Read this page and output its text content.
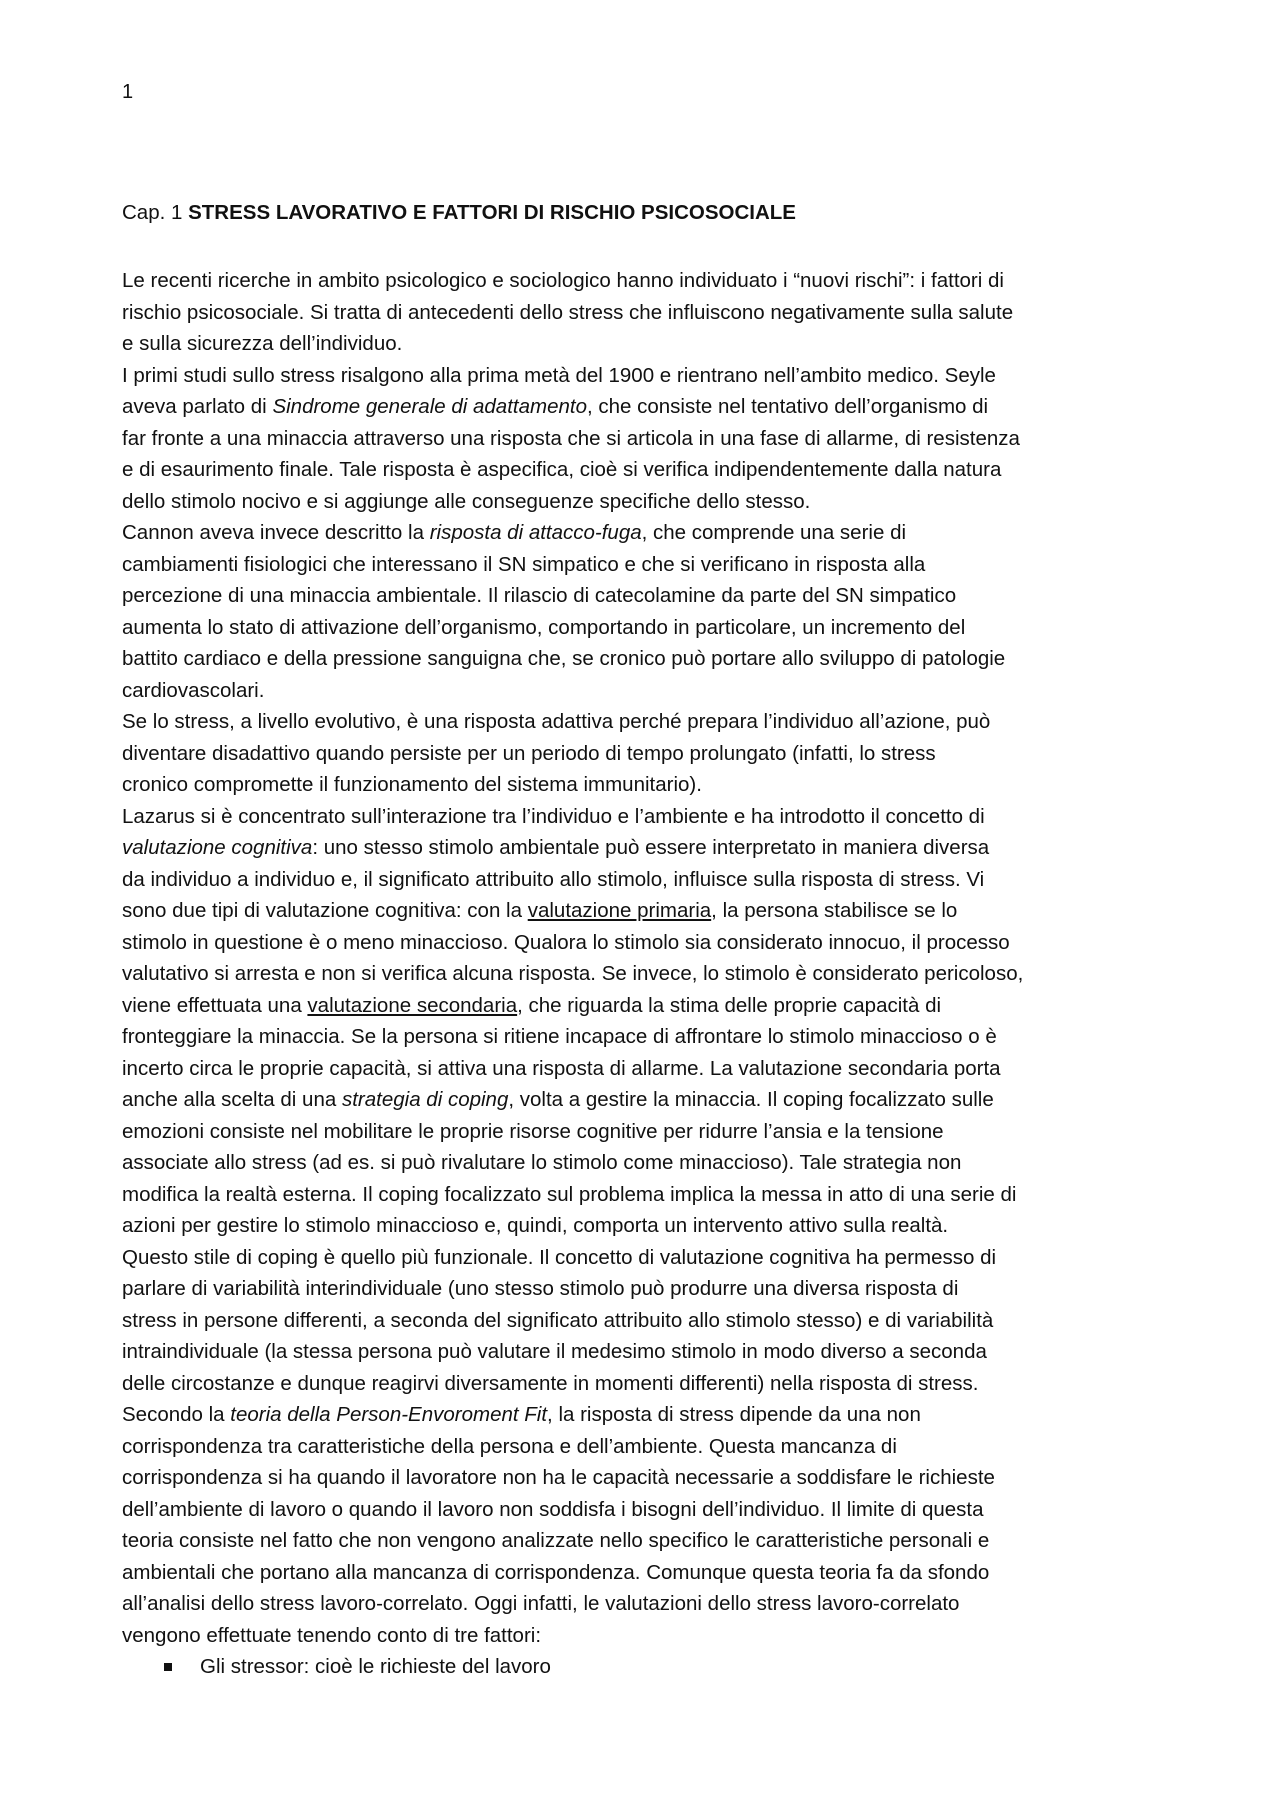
1
Cap. 1 STRESS LAVORATIVO E FATTORI DI RISCHIO PSICOSOCIALE
Le recenti ricerche in ambito psicologico e sociologico hanno individuato i “nuovi rischi”: i fattori di
rischio psicosociale. Si tratta di antecedenti dello stress che influiscono negativamente sulla salute
e sulla sicurezza dell’individuo.
I primi studi sullo stress risalgono alla prima metà del 1900 e rientrano nell’ambito medico. Seyle
aveva parlato di Sindrome generale di adattamento, che consiste nel tentativo dell’organismo di
far fronte a una minaccia attraverso una risposta che si articola in una fase di allarme, di resistenza
e di esaurimento finale. Tale risposta è aspecifica, cioè si verifica indipendentemente dalla natura
dello stimolo nocivo e si aggiunge alle conseguenze specifiche dello stesso.
Cannon aveva invece descritto la risposta di attacco-fuga, che comprende una serie di
cambiamenti fisiologici che interessano il SN simpatico e che si verificano in risposta alla
percezione di una minaccia ambientale. Il rilascio di catecolamine da parte del SN simpatico
aumenta lo stato di attivazione dell’organismo, comportando in particolare, un incremento del
battito cardiaco e della pressione sanguigna che, se cronico può portare allo sviluppo di patologie
cardiovascolari.
Se lo stress, a livello evolutivo, è una risposta adattiva perché prepara l’individuo all’azione, può
diventare disadattivo quando persiste per un periodo di tempo prolungato (infatti, lo stress
cronico compromette il funzionamento del sistema immunitario).
Lazarus si è concentrato sull’interazione tra l’individuo e l’ambiente e ha introdotto il concetto di
valutazione cognitiva: uno stesso stimolo ambientale può essere interpretato in maniera diversa
da individuo a individuo e, il significato attribuito allo stimolo, influisce sulla risposta di stress. Vi
sono due tipi di valutazione cognitiva: con la valutazione primaria, la persona stabilisce se lo
stimolo in questione è o meno minaccioso. Qualora lo stimolo sia considerato innocuo, il processo
valutativo si arresta e non si verifica alcuna risposta. Se invece, lo stimolo è considerato pericoloso,
viene effettuata una valutazione secondaria, che riguarda la stima delle proprie capacità di
fronteggiare la minaccia. Se la persona si ritiene incapace di affrontare lo stimolo minaccioso o è
incerto circa le proprie capacità, si attiva una risposta di allarme. La valutazione secondaria porta
anche alla scelta di una strategia di coping, volta a gestire la minaccia. Il coping focalizzato sulle
emozioni consiste nel mobilitare le proprie risorse cognitive per ridurre l’ansia e la tensione
associate allo stress (ad es. si può rivalutare lo stimolo come minaccioso). Tale strategia non
modifica la realtà esterna. Il coping focalizzato sul problema implica la messa in atto di una serie di
azioni per gestire lo stimolo minaccioso e, quindi, comporta un intervento attivo sulla realtà.
Questo stile di coping è quello più funzionale. Il concetto di valutazione cognitiva ha permesso di
parlare di variabilità interindividuale (uno stesso stimolo può produrre una diversa risposta di
stress in persone differenti, a seconda del significato attribuito allo stimolo stesso) e di variabilità
intraindividuale (la stessa persona può valutare il medesimo stimolo in modo diverso a seconda
delle circostanze e dunque reagirvi diversamente in momenti differenti) nella risposta di stress.
Secondo la teoria della Person-Envoroment Fit, la risposta di stress dipende da una non
corrispondenza tra caratteristiche della persona e dell’ambiente. Questa mancanza di
corrispondenza si ha quando il lavoratore non ha le capacità necessarie a soddisfare le richieste
dell’ambiente di lavoro o quando il lavoro non soddisfa i bisogni dell’individuo. Il limite di questa
teoria consiste nel fatto che non vengono analizzate nello specifico le caratteristiche personali e
ambientali che portano alla mancanza di corrispondenza. Comunque questa teoria fa da sfondo
all’analisi dello stress lavoro-correlato. Oggi infatti, le valutazioni dello stress lavoro-correlato
vengono effettuate tenendo conto di tre fattori:
Gli stressor: cioè le richieste del lavoro
